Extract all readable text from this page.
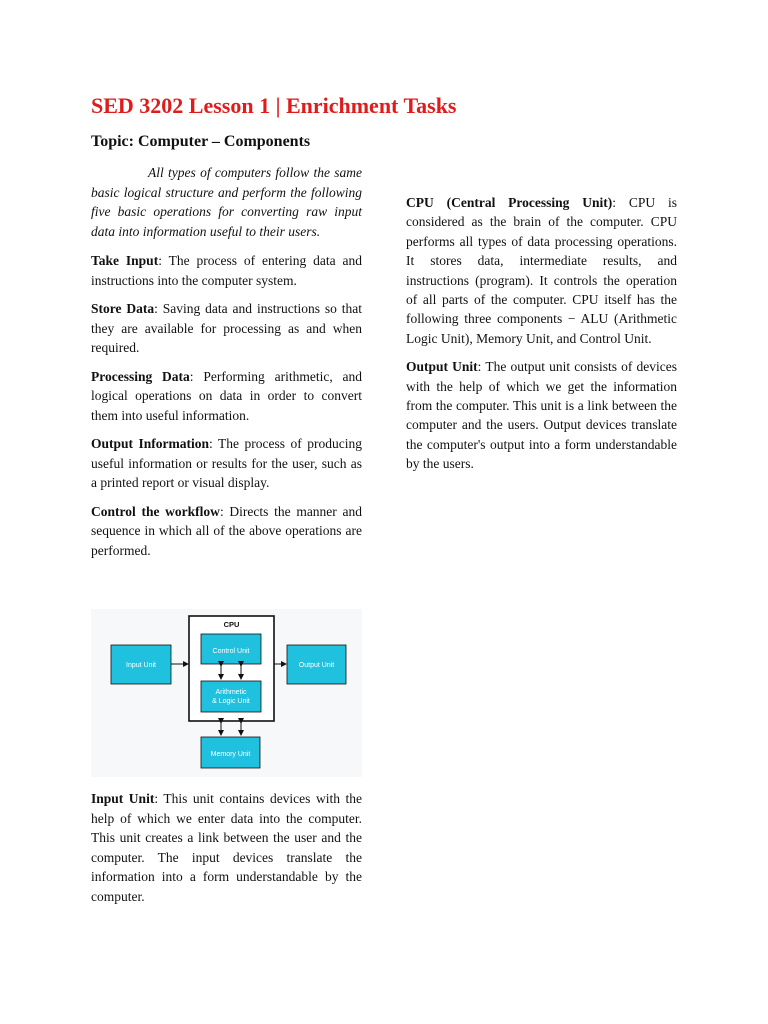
SED 3202 Lesson 1 | Enrichment Tasks
Topic: Computer – Components

All types of computers follow the same basic logical structure and perform the following five basic operations for converting raw input data into information useful to their users.

Take Input: The process of entering data and instructions into the computer system.

Store Data: Saving data and instructions so that they are available for processing as and when required.

Processing Data: Performing arithmetic, and logical operations on data in order to convert them into useful information.

Output Information: The process of producing useful information or results for the user, such as a printed report or visual display.

Control the workflow: Directs the manner and sequence in which all of the above operations are performed.

CPU
Control Unit
Arithmetic
& Logic Unit
Input Unit	Output Unit
Memory Unit

Input Unit: This unit contains devices with the help of which we enter data into the computer. This unit creates a link between the user and the computer. The input devices translate the information into a form understandable by the computer.

CPU (Central Processing Unit): CPU is considered as the brain of the computer. CPU performs all types of data processing operations. It stores data, intermediate results, and instructions (program). It controls the operation of all parts of the computer. CPU itself has the following three components − ALU (Arithmetic Logic Unit), Memory Unit, and Control Unit.

Output Unit: The output unit consists of devices with the help of which we get the information from the computer. This unit is a link between the computer and the users. Output devices translate the computer's output into a form understandable by the users.
